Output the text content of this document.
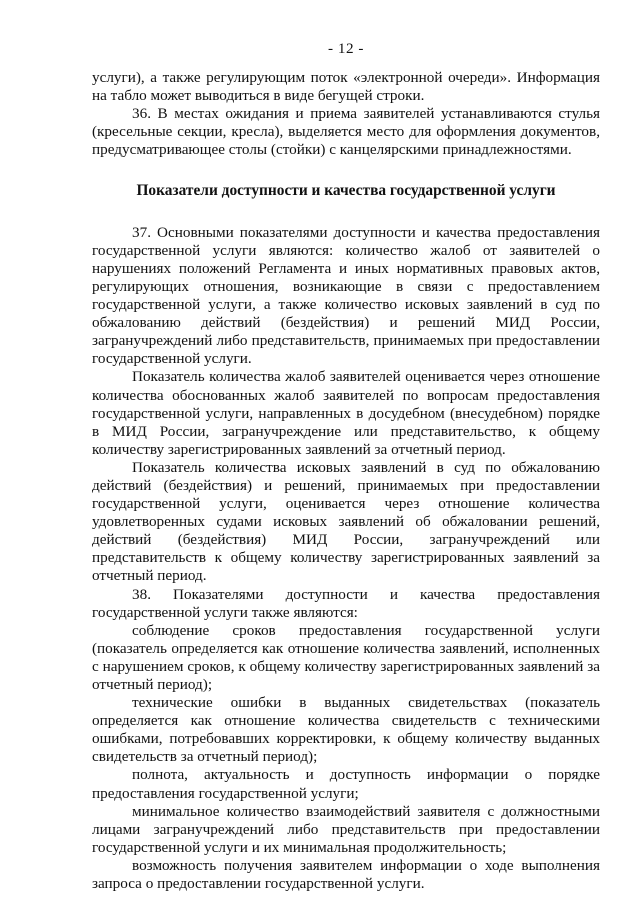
- 12 -

услуги), а также регулирующим поток «электронной очереди». Информация на табло может выводиться в виде бегущей строки.

36. В местах ожидания и приема заявителей устанавливаются стулья (кресельные секции, кресла), выделяется место для оформления документов, предусматривающее столы (стойки) с канцелярскими принадлежностями.

Показатели доступности и качества государственной услуги

37. Основными показателями доступности и качества предоставления государственной услуги являются: количество жалоб от заявителей о нарушениях положений Регламента и иных нормативных правовых актов, регулирующих отношения, возникающие в связи с предоставлением государственной услуги, а также количество исковых заявлений в суд по обжалованию действий (бездействия) и решений МИД России, загранучреждений либо представительств, принимаемых при предоставлении государственной услуги.

Показатель количества жалоб заявителей оценивается через отношение количества обоснованных жалоб заявителей по вопросам предоставления государственной услуги, направленных в досудебном (внесудебном) порядке в МИД России, загранучреждение или представительство, к общему количеству зарегистрированных заявлений за отчетный период.

Показатель количества исковых заявлений в суд по обжалованию действий (бездействия) и решений, принимаемых при предоставлении государственной услуги, оценивается через отношение количества удовлетворенных судами исковых заявлений об обжаловании решений, действий (бездействия) МИД России, загранучреждений или представительств к общему количеству зарегистрированных заявлений за отчетный период.

38. Показателями доступности и качества предоставления государственной услуги также являются:

соблюдение сроков предоставления государственной услуги (показатель определяется как отношение количества заявлений, исполненных с нарушением сроков, к общему количеству зарегистрированных заявлений за отчетный период);

технические ошибки в выданных свидетельствах (показатель определяется как отношение количества свидетельств с техническими ошибками, потребовавших корректировки, к общему количеству выданных свидетельств за отчетный период);

полнота, актуальность и доступность информации о порядке предоставления государственной услуги;

минимальное количество взаимодействий заявителя с должностными лицами загранучреждений либо представительств при предоставлении государственной услуги и их минимальная продолжительность;

возможность получения заявителем информации о ходе выполнения запроса о предоставлении государственной услуги.
